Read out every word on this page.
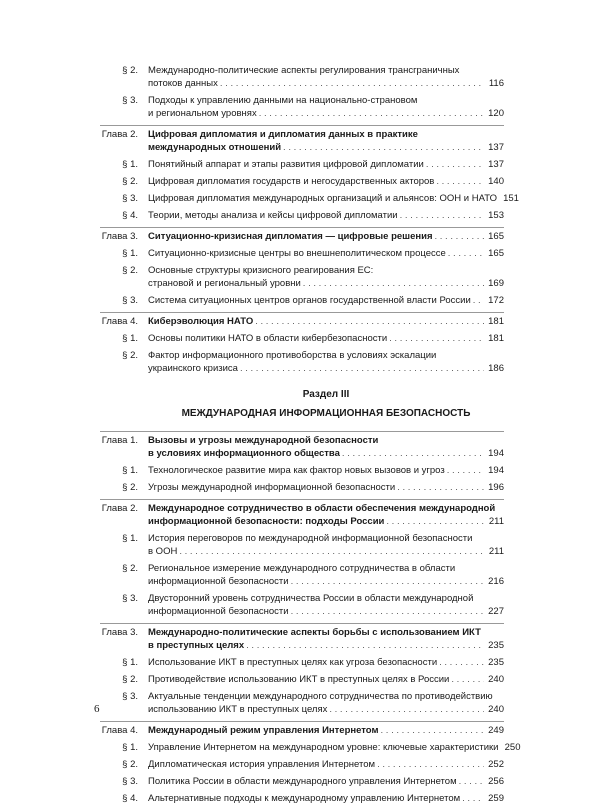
§ 2. Международно-политические аспекты регулирования трансграничных
потоков данных . . .	116
§ 3. Подходы к управлению данными на национально-страновом
и региональном уровнях . . .	120
Глава 2. Цифровая дипломатия и дипломатия данных в практике
международных отношений . . .	137
§ 1. Понятийный аппарат и этапы развития цифровой дипломатии . . .	137
§ 2. Цифровая дипломатия государств и негосударственных акторов . . .	140
§ 3. Цифровая дипломатия международных организаций и альянсов: ООН и НАТО 151
§ 4. Теории, методы анализа и кейсы цифровой дипломатии . . .	153
Глава 3. Ситуационно-кризисная дипломатия — цифровые решения . . .	165
§ 1. Ситуационно-кризисные центры во внешнеполитическом процессе . . .	165
§ 2. Основные структуры кризисного реагирования ЕС:
страновой и региональный уровни . . .	169
§ 3. Система ситуационных центров органов государственной власти России . . . 172
Глава 4. Киберэволюция НАТО . . .	181
§ 1. Основы политики НАТО в области кибербезопасности . . .	181
§ 2. Фактор информационного противоборства в условиях эскалации
украинского кризиса . . .	186
Раздел III
МЕЖДУНАРОДНАЯ ИНФОРМАЦИОННАЯ БЕЗОПАСНОСТЬ
Глава 1. Вызовы и угрозы международной безопасности
в условиях информационного общества . . .	194
§ 1. Технологическое развитие мира как фактор новых вызовов и угроз . . .	194
§ 2. Угрозы международной информационной безопасности . . .	196
Глава 2. Международное сотрудничество в области обеспечения международной
информационной безопасности: подходы России . . .	211
§ 1. История переговоров по международной информационной безопасности
в ООН . . .	211
§ 2. Региональное измерение международного сотрудничества в области
информационной безопасности . . .	216
§ 3. Двусторонний уровень сотрудничества России в области международной
информационной безопасности . . .	227
Глава 3. Международно-политические аспекты борьбы с использованием ИКТ
в преступных целях . . .	235
§ 1. Использование ИКТ в преступных целях как угроза безопасности . . .	235
§ 2. Противодействие использованию ИКТ в преступных целях в России . . .	240
§ 3. Актуальные тенденции международного сотрудничества по противодействию
использованию ИКТ в преступных целях . . .	240
Глава 4. Международный режим управления Интернетом . . .	249
§ 1. Управление Интернетом на международном уровне: ключевые характеристики 250
§ 2. Дипломатическая история управления Интернетом . . .	252
§ 3. Политика России в области международного управления Интернетом . . .	256
§ 4. Альтернативные подходы к международному управлению Интернетом . . .	259
6
